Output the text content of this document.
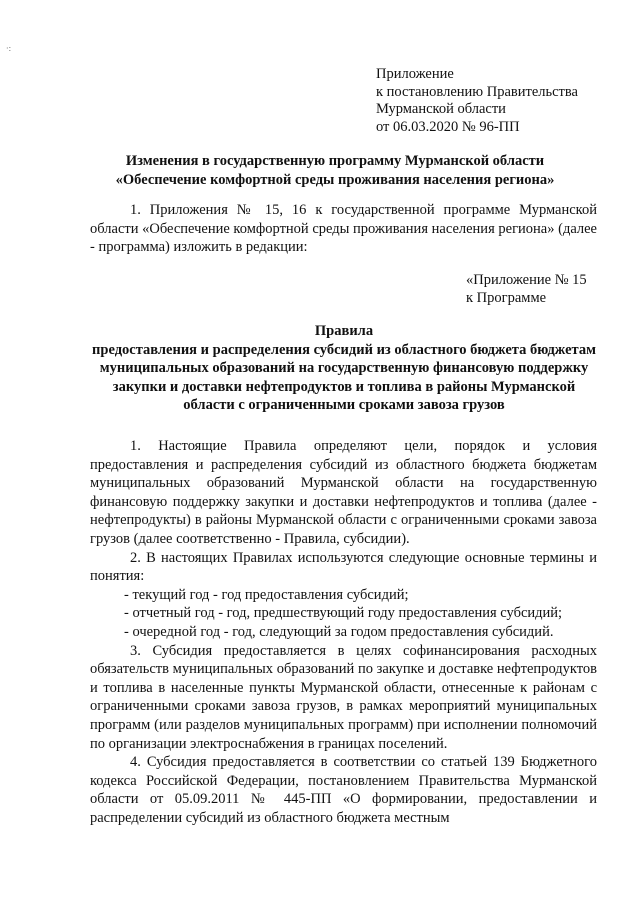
·:
Приложение
к постановлению Правительства
Мурманской области
от 06.03.2020 № 96-ПП
Изменения в государственную программу Мурманской области
«Обеспечение комфортной среды проживания населения региона»
1. Приложения № 15, 16 к государственной программе Мурманской области «Обеспечение комфортной среды проживания населения региона» (далее - программа) изложить в редакции:
«Приложение № 15
к Программе
Правила
предоставления и распределения субсидий из областного бюджета бюджетам муниципальных образований на государственную финансовую поддержку закупки и доставки нефтепродуктов и топлива в районы Мурманской области с ограниченными сроками завоза грузов

1. Настоящие Правила определяют цели, порядок и условия предоставления и распределения субсидий из областного бюджета бюджетам муниципальных образований Мурманской области на государственную финансовую поддержку закупки и доставки нефтепродуктов и топлива (далее - нефтепродукты) в районы Мурманской области с ограниченными сроками завоза грузов (далее соответственно - Правила, субсидии).

2. В настоящих Правилах используются следующие основные термины и понятия:

- текущий год - год предоставления субсидий;

- отчетный год - год, предшествующий году предоставления субсидий;

- очередной год - год, следующий за годом предоставления субсидий.

3. Субсидия предоставляется в целях софинансирования расходных обязательств муниципальных образований по закупке и доставке нефтепродуктов и топлива в населенные пункты Мурманской области, отнесенные к районам с ограниченными сроками завоза грузов, в рамках мероприятий муниципальных программ (или разделов муниципальных программ) при исполнении полномочий по организации электроснабжения в границах поселений.

4. Субсидия предоставляется в соответствии со статьей 139 Бюджетного кодекса Российской Федерации, постановлением Правительства Мурманской области от 05.09.2011 № 445-ПП «О формировании, предоставлении и распределении субсидий из областного бюджета местным
